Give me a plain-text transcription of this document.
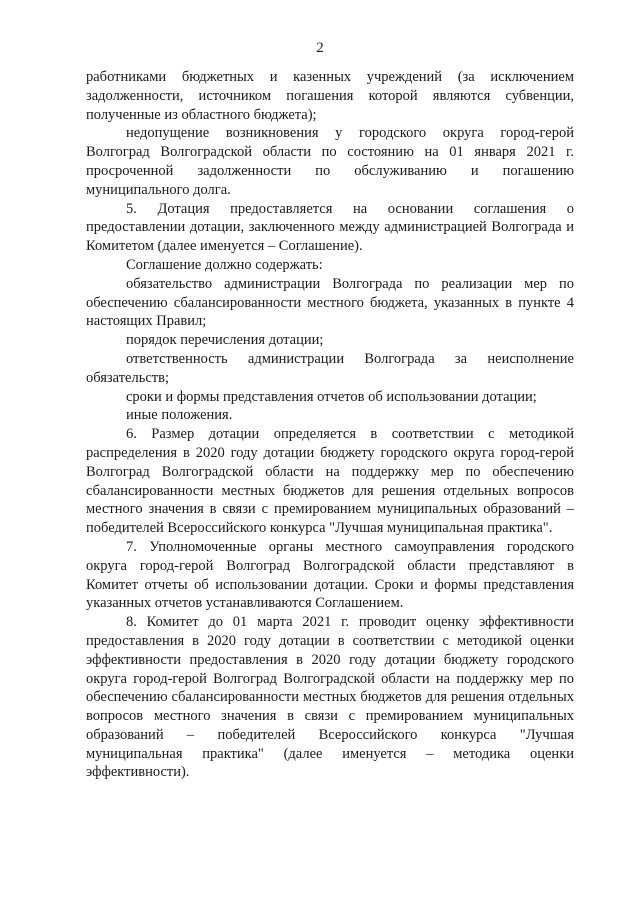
2

работниками бюджетных и казенных учреждений (за исключением задолженности, источником погашения которой являются субвенции, полученные из областного бюджета);

недопущение возникновения у городского округа город-герой Волгоград Волгоградской области по состоянию на 01 января 2021 г. просроченной задолженности по обслуживанию и погашению муниципального долга.

5. Дотация предоставляется на основании соглашения о предоставлении дотации, заключенного между администрацией Волгограда и Комитетом (далее именуется – Соглашение).

Соглашение должно содержать:

обязательство администрации Волгограда по реализации мер по обеспечению сбалансированности местного бюджета, указанных в пункте 4 настоящих Правил;

порядок перечисления дотации;

ответственность администрации Волгограда за неисполнение обязательств;

сроки и формы представления отчетов об использовании дотации;

иные положения.

6. Размер дотации определяется в соответствии с методикой распределения в 2020 году дотации бюджету городского округа город-герой Волгоград Волгоградской области на поддержку мер по обеспечению сбалансированности местных бюджетов для решения отдельных вопросов местного значения в связи с премированием муниципальных образований – победителей Всероссийского конкурса "Лучшая муниципальная практика".

7. Уполномоченные органы местного самоуправления городского округа город-герой Волгоград Волгоградской области представляют в Комитет отчеты об использовании дотации. Сроки и формы представления указанных отчетов устанавливаются Соглашением.

8. Комитет до 01 марта 2021 г. проводит оценку эффективности предоставления в 2020 году дотации в соответствии с методикой оценки эффективности предоставления в 2020 году дотации бюджету городского округа город-герой Волгоград Волгоградской области на поддержку мер по обеспечению сбалансированности местных бюджетов для решения отдельных вопросов местного значения в связи с премированием муниципальных образований – победителей Всероссийского конкурса "Лучшая муниципальная практика" (далее именуется – методика оценки эффективности).
